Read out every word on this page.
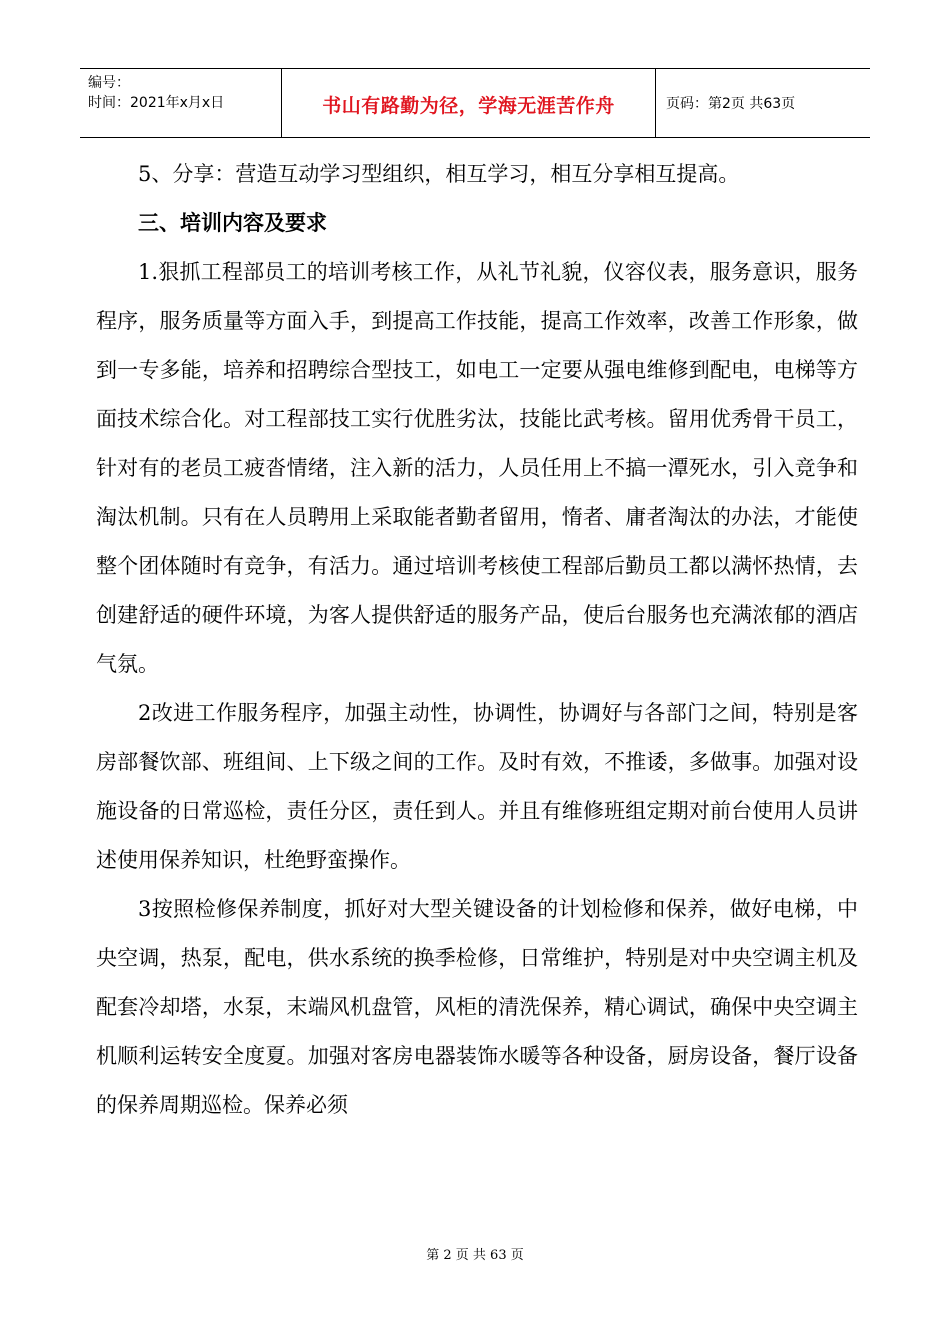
编号：
时间：2021年x月x日	书山有路勤为径，学海无涯苦作舟	页码：第2页 共63页

5、分享：营造互动学习型组织，相互学习，相互分享相互提高。

三、培训内容及要求

1.狠抓工程部员工的培训考核工作，从礼节礼貌，仪容仪表，服务意识，服务程序，服务质量等方面入手，到提高工作技能，提高工作效率，改善工作形象，做到一专多能，培养和招聘综合型技工，如电工一定要从强电维修到配电，电梯等方面技术综合化。对工程部技工实行优胜劣汰，技能比武考核。留用优秀骨干员工，针对有的老员工疲沓情绪，注入新的活力，人员任用上不搞一潭死水，引入竞争和淘汰机制。只有在人员聘用上采取能者勤者留用，惰者、庸者淘汰的办法，才能使整个团体随时有竞争，有活力。通过培训考核使工程部后勤员工都以满怀热情，去创建舒适的硬件环境，为客人提供舒适的服务产品，使后台服务也充满浓郁的酒店气氛。

2改进工作服务程序，加强主动性，协调性，协调好与各部门之间，特别是客房部餐饮部、班组间、上下级之间的工作。及时有效，不推诿，多做事。加强对设施设备的日常巡检，责任分区，责任到人。并且有维修班组定期对前台使用人员讲述使用保养知识，杜绝野蛮操作。

3按照检修保养制度，抓好对大型关键设备的计划检修和保养，做好电梯，中央空调，热泵，配电，供水系统的换季检修，日常维护，特别是对中央空调主机及配套冷却塔，水泵，末端风机盘管，风柜的清洗保养，精心调试，确保中央空调主机顺利运转安全度夏。加强对客房电器装饰水暖等各种设备，厨房设备，餐厅设备的保养周期巡检。保养必须

第 2 页 共 63 页
